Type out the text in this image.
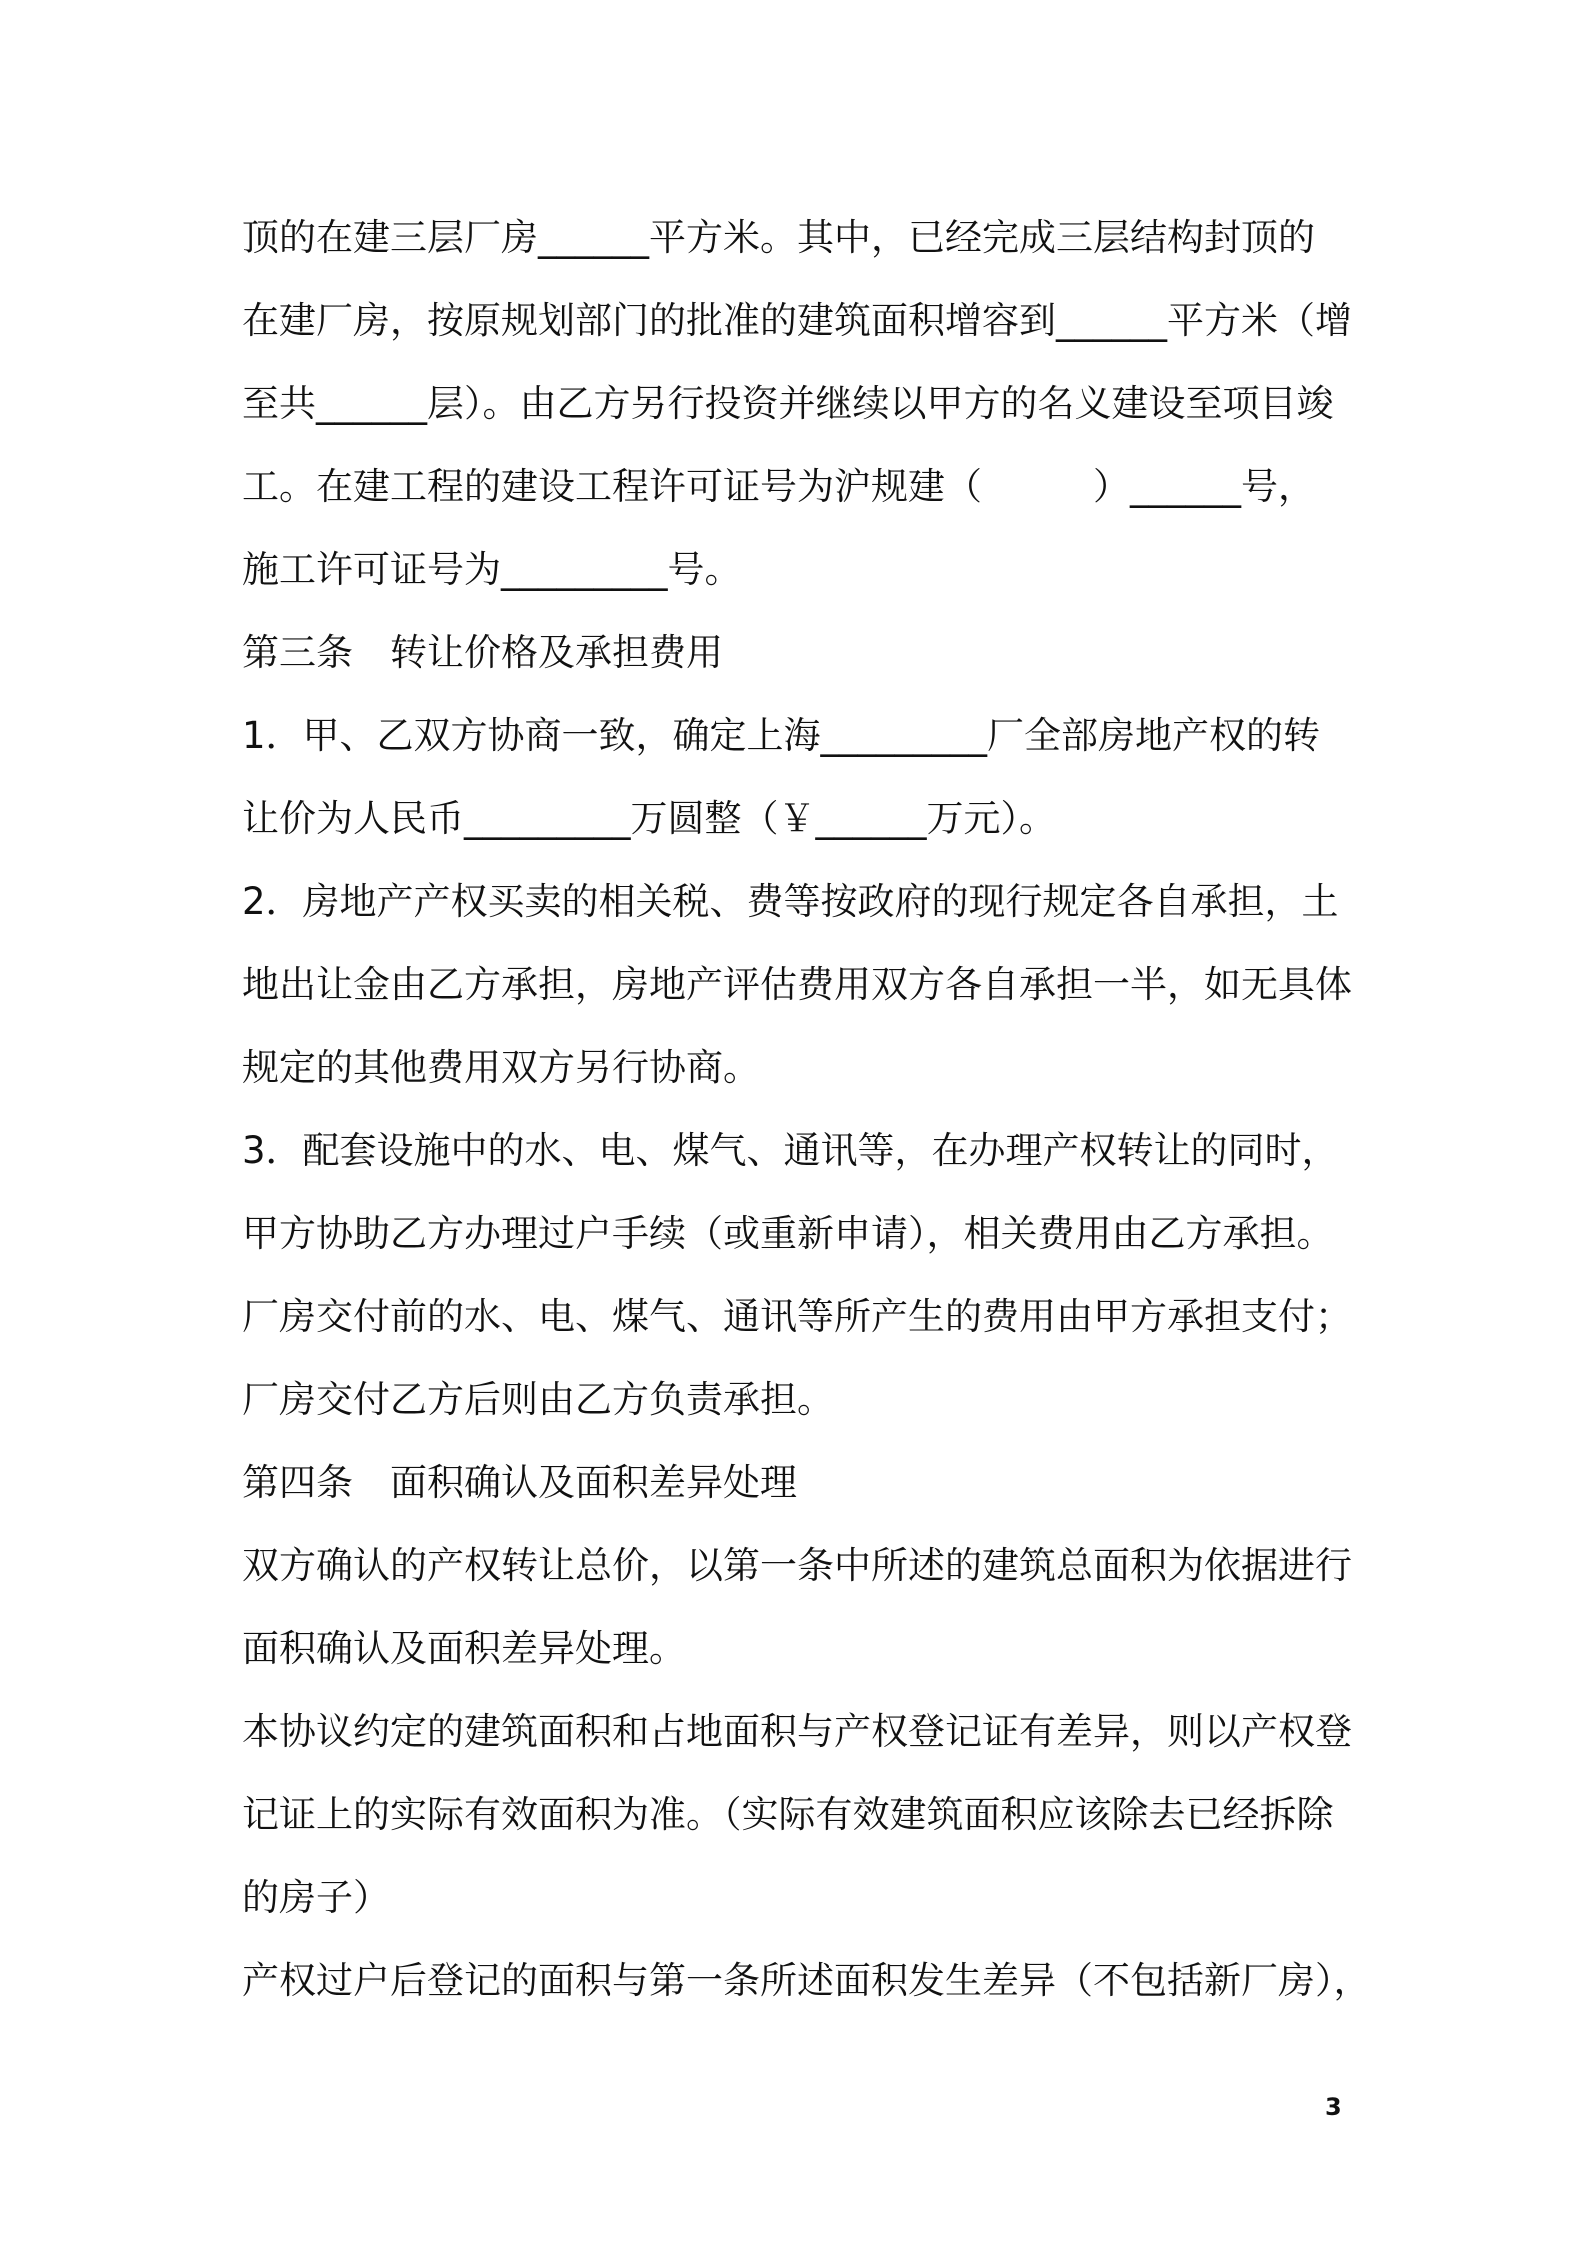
顶的在建三层厂房______平方米。其中，已经完成三层结构封顶的
在建厂房，按原规划部门的批准的建筑面积增容到______平方米（增
至共______层）。由乙方另行投资并继续以甲方的名义建设至项目竣
工。在建工程的建设工程许可证号为沪规建（　　　）______号，
施工许可证号为_________号。
第三条　转让价格及承担费用
1．甲、乙双方协商一致，确定上海_________厂全部房地产权的转
让价为人民币_________万圆整（￥______万元）。
2．房地产产权买卖的相关税、费等按政府的现行规定各自承担，土
地出让金由乙方承担，房地产评估费用双方各自承担一半，如无具体
规定的其他费用双方另行协商。
3．配套设施中的水、电、煤气、通讯等，在办理产权转让的同时，
甲方协助乙方办理过户手续（或重新申请），相关费用由乙方承担。
厂房交付前的水、电、煤气、通讯等所产生的费用由甲方承担支付；
厂房交付乙方后则由乙方负责承担。
第四条　面积确认及面积差异处理
双方确认的产权转让总价，以第一条中所述的建筑总面积为依据进行
面积确认及面积差异处理。
本协议约定的建筑面积和占地面积与产权登记证有差异，则以产权登
记证上的实际有效面积为准。（实际有效建筑面积应该除去已经拆除
的房子）
产权过户后登记的面积与第一条所述面积发生差异（不包括新厂房），
3
